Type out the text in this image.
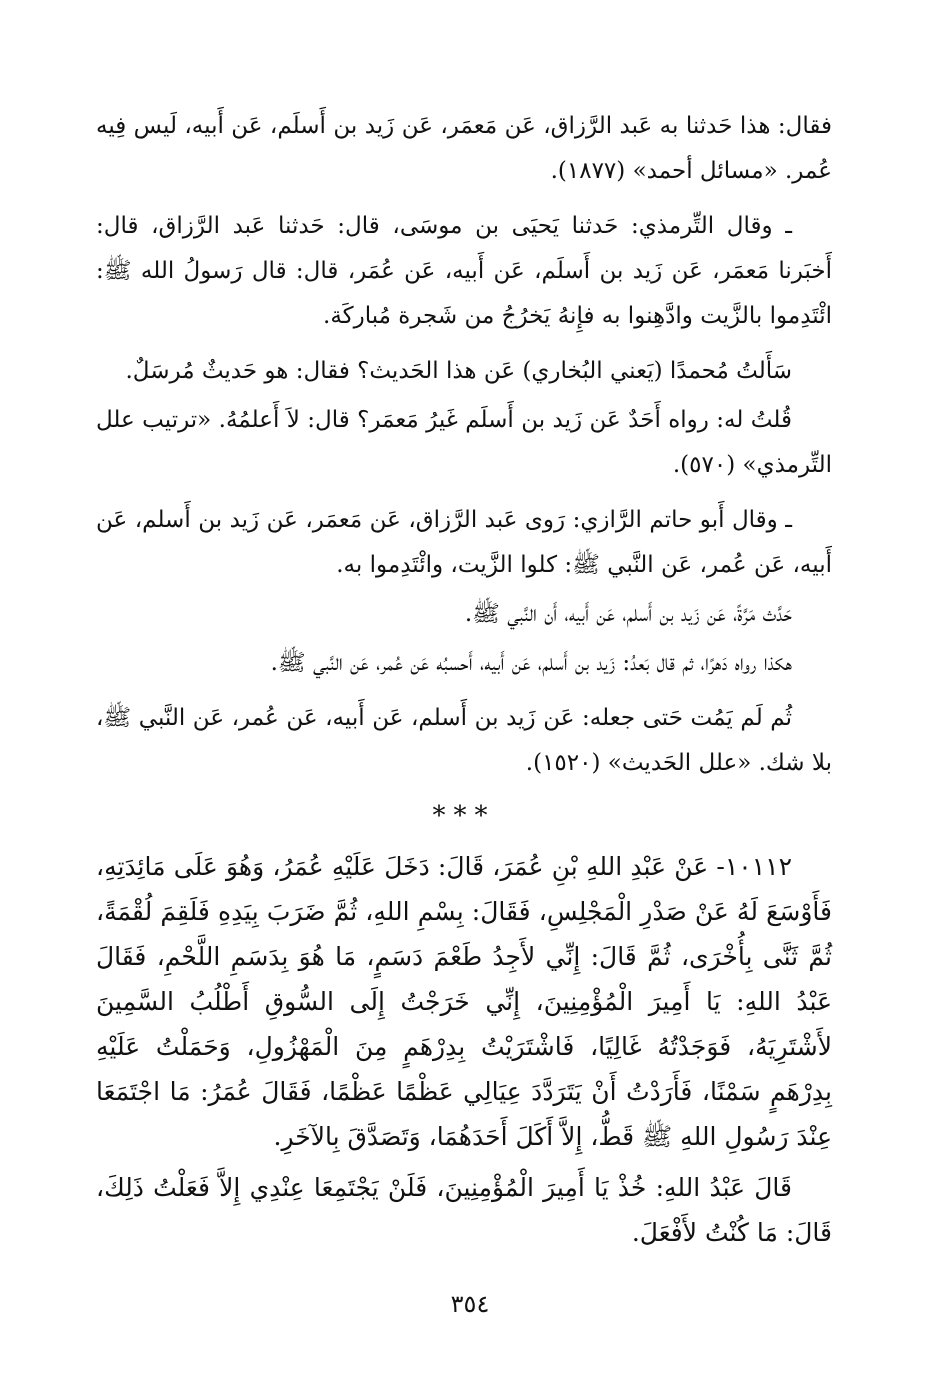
فقال: هذا حَدثنا به عَبد الرَّزاق، عَن مَعمَر، عَن زَيد بن أَسلَم، عَن أَبيه، لَيس فِيه عُمر. «مسائل أحمد» (١٨٧٧).

ـ وقال التِّرمذي: حَدثنا يَحيَى بن موسَى، قال: حَدثنا عَبد الرَّزاق، قال: أَخبَرنا مَعمَر، عَن زَيد بن أَسلَم، عَن أَبيه، عَن عُمَر، قال: قال رَسولُ الله ﷺ: ائْتَدِموا بالزَّيت وادَّهِنوا به فإِنهُ يَخرُجُ من شَجرة مُباركَة.

سَأَلتُ مُحمدًا (يَعني البُخاري) عَن هذا الحَديث؟ فقال: هو حَديثٌ مُرسَلٌ.

قُلتُ له: رواه أَحَدٌ عَن زَيد بن أَسلَم غَيرُ مَعمَر؟ قال: لاَ أَعلمُهُ. «ترتيب علل التِّرمذي» (٥٧٠).

ـ وقال أَبو حاتم الرَّازي: رَوى عَبد الرَّزاق، عَن مَعمَر، عَن زَيد بن أَسلم، عَن أَبيه، عَن عُمر، عَن النَّبي ﷺ: كلوا الزَّيت، وائْتَدِموا به.

حَدَّث مَرَّةً، عَن زَيد بن أَسلم، عَن أَبيه، أَن النَّبي ﷺ.

هكذا رواه دَهرًا، ثم قال بَعدُ: زَيد بن أَسلم، عَن أَبيه، أَحسبُه عَن عُمر، عَن النَّبي ﷺ.

ثُم لَم يَمُت حَتى جعله: عَن زَيد بن أَسلم، عَن أَبيه، عَن عُمر، عَن النَّبي ﷺ، بلا شك. «علل الحَديث» (١٥٢٠).

***

١٠١١٢- عَنْ عَبْدِ اللهِ بْنِ عُمَرَ، قَالَ: دَخَلَ عَلَيْهِ عُمَرُ، وَهُوَ عَلَى مَائِدَتِهِ، فَأَوْسَعَ لَهُ عَنْ صَدْرِ الْمَجْلِسِ، فَقَالَ: بِسْمِ اللهِ، ثُمَّ ضَرَبَ بِيَدِهِ فَلَقِمَ لُقْمَةً، ثُمَّ ثَنَّى بِأُخْرَى، ثُمَّ قَالَ: إِنِّي لأَجِدُ طَعْمَ دَسَمٍ، مَا هُوَ بِدَسَمِ اللَّحْمِ، فَقَالَ عَبْدُ اللهِ: يَا أَمِيرَ الْمُؤْمِنِينَ، إِنِّي خَرَجْتُ إِلَى السُّوقِ أَطْلُبُ السَّمِينَ لأَشْتَرِيَهُ، فَوَجَدْتُهُ غَالِيًا، فَاشْتَرَيْتُ بِدِرْهَمٍ مِنَ الْمَهْزُولِ، وَحَمَلْتُ عَلَيْهِ بِدِرْهَمٍ سَمْنًا، فَأَرَدْتُ أَنْ يَتَرَدَّدَ عِيَالِي عَظْمًا عَظْمًا، فَقَالَ عُمَرُ: مَا اجْتَمَعَا عِنْدَ رَسُولِ اللهِ ﷺ قَطُّ، إِلاَّ أَكَلَ أَحَدَهُمَا، وَتَصَدَّقَ بِالآخَرِ.

قَالَ عَبْدُ اللهِ: خُذْ يَا أَمِيرَ الْمُؤْمِنِينَ، فَلَنْ يَجْتَمِعَا عِنْدِي إِلاَّ فَعَلْتُ ذَلِكَ، قَالَ: مَا كُنْتُ لأَفْعَلَ.

٣٥٤
